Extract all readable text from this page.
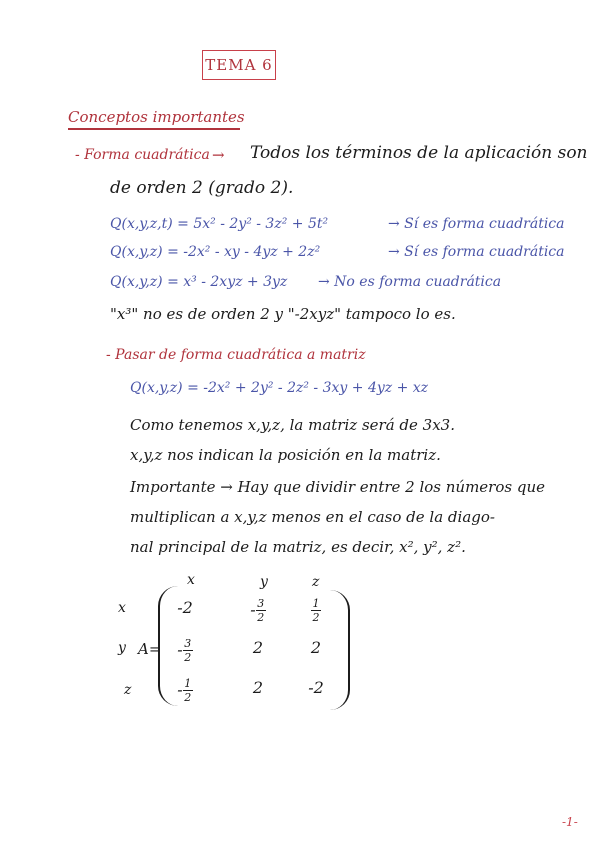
TEMA 6
Conceptos importantes
- Forma cuadrática → Todos los términos de la aplicación son
de orden 2 (grado 2).
Q(x,y,z,t) = 5x² - 2y² - 3z² + 5t²	→ Sí es forma cuadrática
Q(x,y,z) = -2x² - xy - 4yz + 2z²	→ Sí es forma cuadrática
Q(x,y,z) = x³ - 2xyz + 3yz → No es forma cuadrática
"x³" no es de orden 2 y "-2xyz" tampoco lo es.
- Pasar de forma cuadrática a matriz
Q(x,y,z) = -2x² + 2y² - 2z² - 3xy + 4yz + xz
Como tenemos x,y,z, la matriz será de 3x3.
x,y,z nos indican la posición en la matriz.
Importante → Hay que dividir entre 2 los números que
multiplican a x,y,z menos en el caso de la diago-
nal principal de la matriz, es decir, x², y², z².
x	y	z
x
y
z
A=
-2	- $\frac{3}{2}$	$\frac{1}{2}$
- $\frac{3}{2}$	2	2
- $\frac{1}{2}$	2	-2
-1-
